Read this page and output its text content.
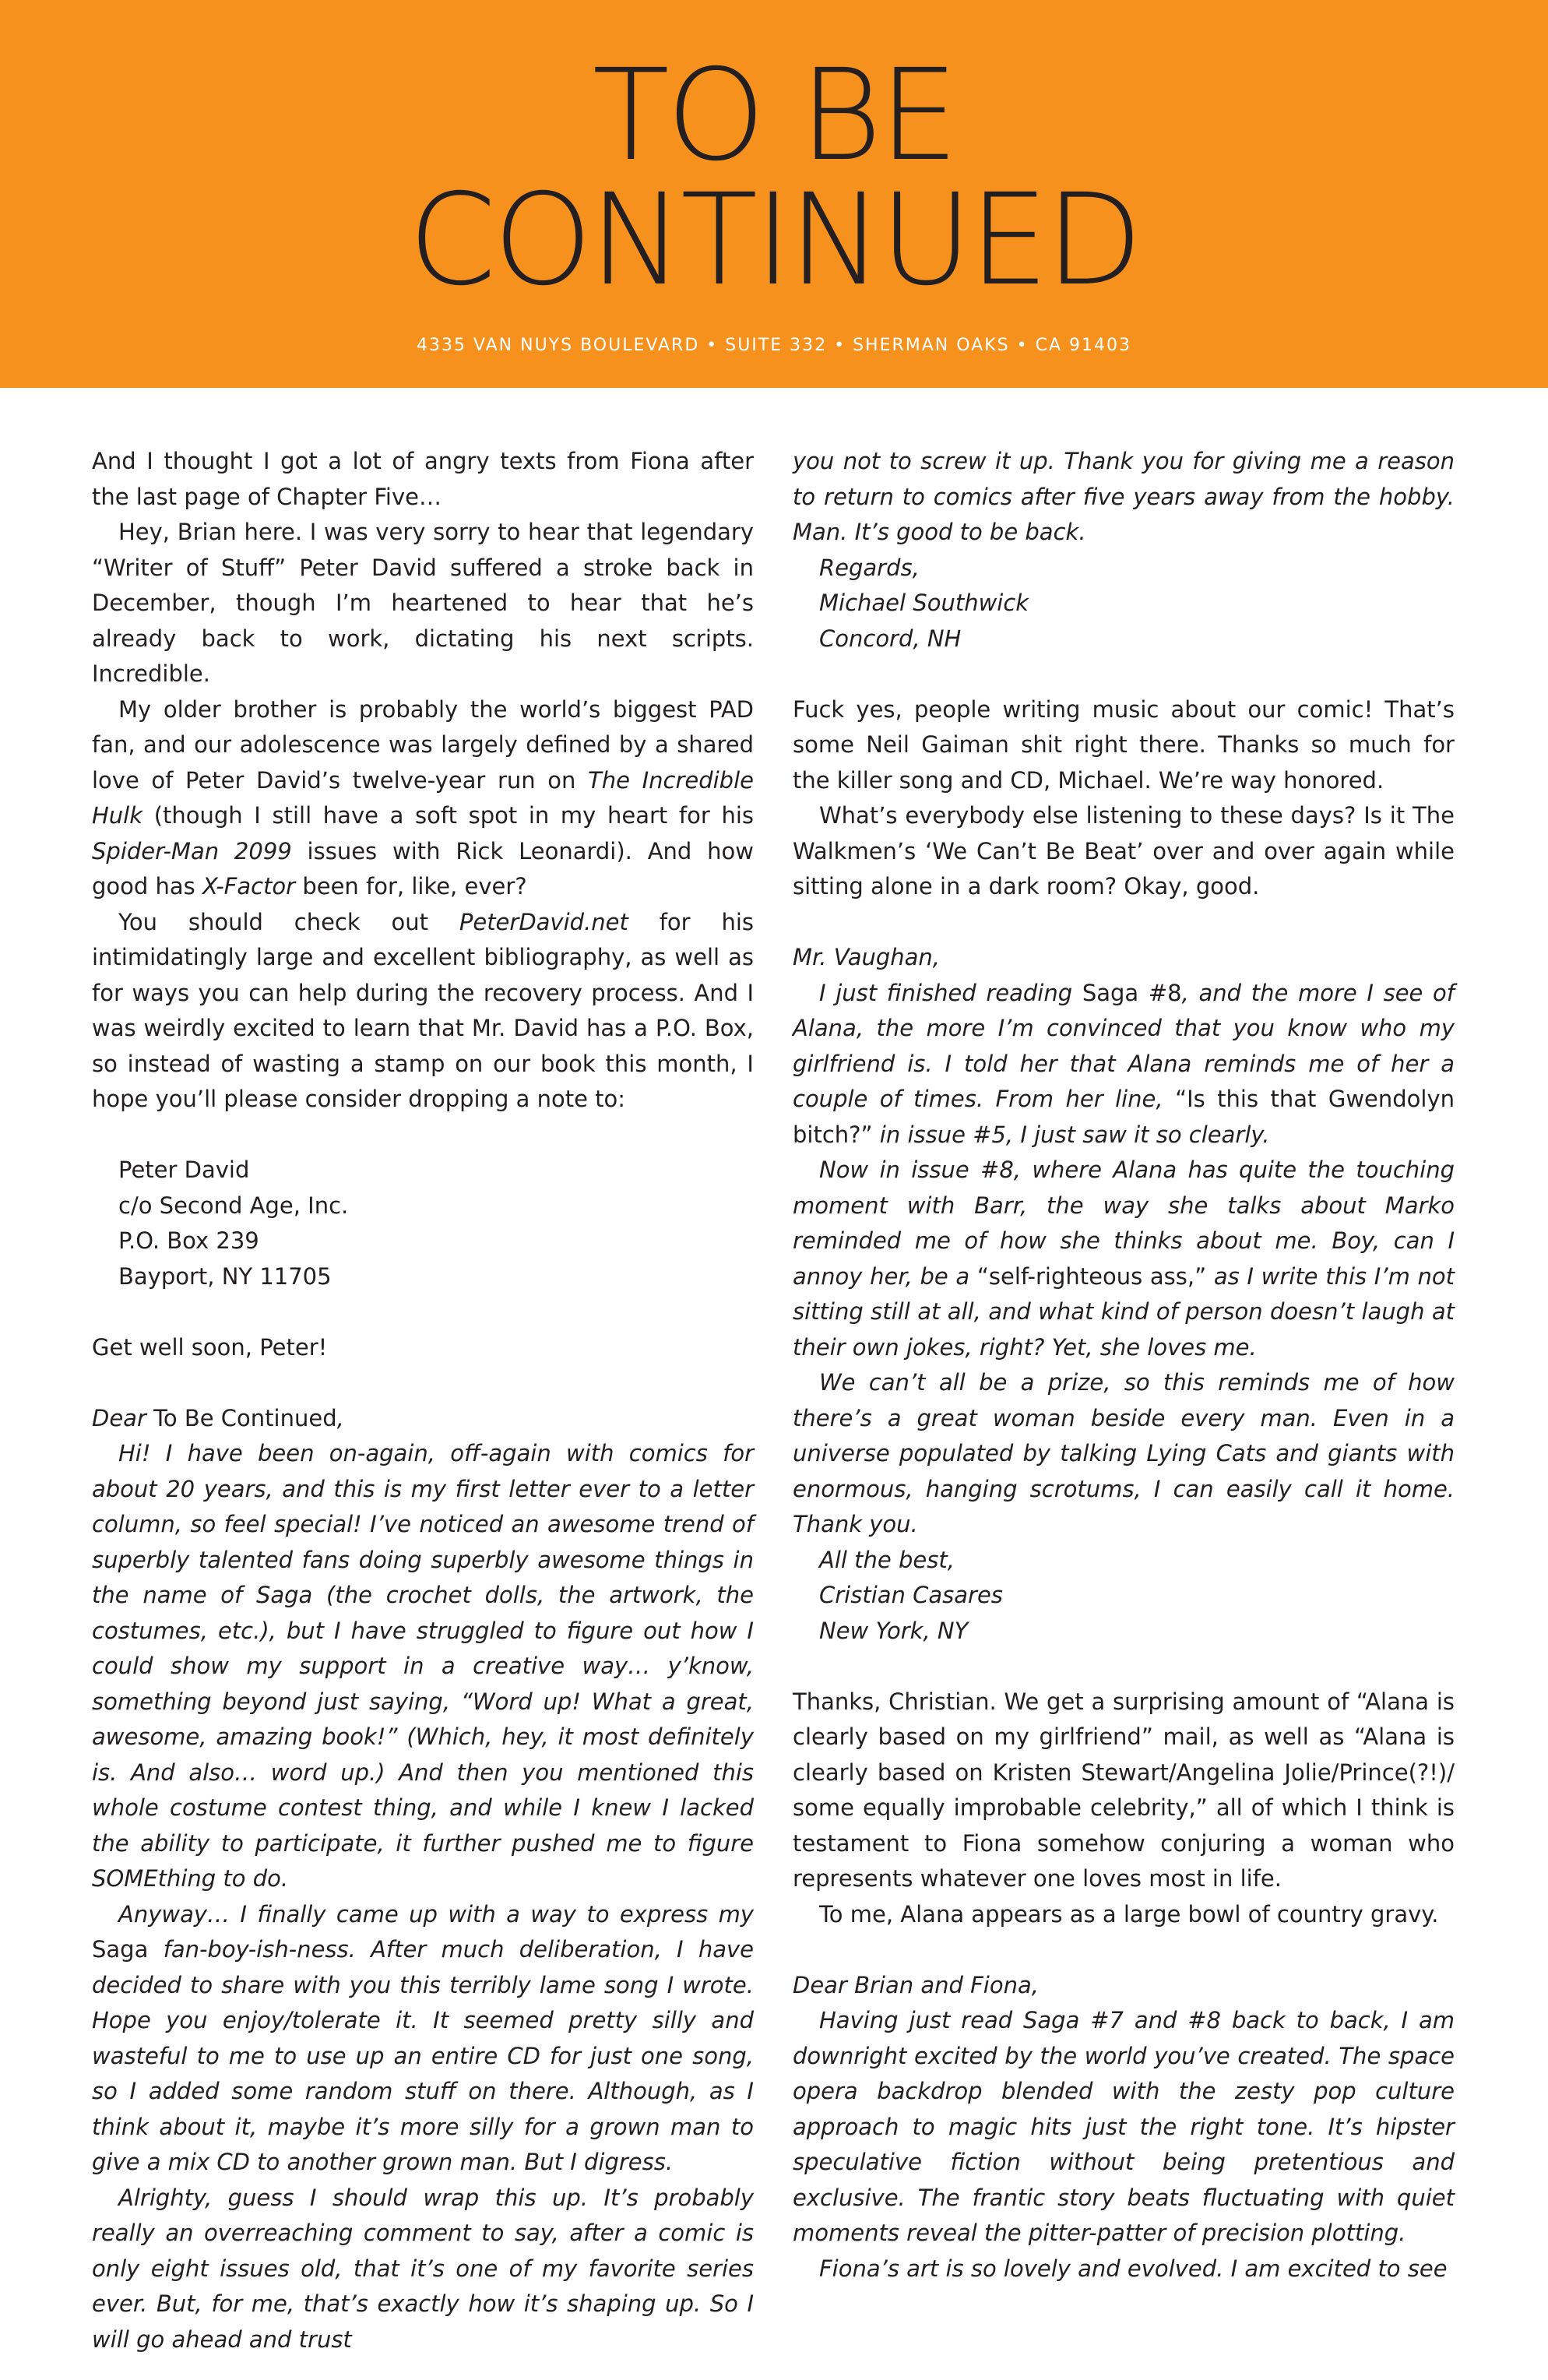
TO BE
CONTINUED
4335 VAN NUYS BOULEVARD • SUITE 332 • SHERMAN OAKS • CA 91403

And I thought I got a lot of angry texts from Fiona after the last page of Chapter Five…

Hey, Brian here. I was very sorry to hear that legendary “Writer of Stuff” Peter David suffered a stroke back in December, though I’m heartened to hear that he’s already back to work, dictating his next scripts. Incredible.

My older brother is probably the world’s biggest PAD fan, and our adolescence was largely defined by a shared love of Peter David’s twelve-year run on The Incredible Hulk (though I still have a soft spot in my heart for his Spider-Man 2099 issues with Rick Leonardi). And how good has X-Factor been for, like, ever?

You should check out PeterDavid.net for his intimidatingly large and excellent bibliography, as well as for ways you can help during the recovery process. And I was weirdly excited to learn that Mr. David has a P.O. Box, so instead of wasting a stamp on our book this month, I hope you’ll please consider dropping a note to:

Peter David

c/o Second Age, Inc.

P.O. Box 239

Bayport, NY 11705

Get well soon, Peter!

Dear To Be Continued,

Hi! I have been on-again, off-again with comics for about 20 years, and this is my first letter ever to a letter column, so feel special! I’ve noticed an awesome trend of superbly talented fans doing superbly awesome things in the name of Saga (the crochet dolls, the artwork, the costumes, etc.), but I have struggled to figure out how I could show my support in a creative way… y’know, something beyond just saying, “Word up! What a great, awesome, amazing book!” (Which, hey, it most definitely is. And also… word up.) And then you mentioned this whole costume contest thing, and while I knew I lacked the ability to participate, it further pushed me to figure SOMEthing to do.

Anyway… I finally came up with a way to express my Saga fan-boy-ish-ness. After much deliberation, I have decided to share with you this terribly lame song I wrote. Hope you enjoy/tolerate it. It seemed pretty silly and wasteful to me to use up an entire CD for just one song, so I added some random stuff on there. Although, as I think about it, maybe it’s more silly for a grown man to give a mix CD to another grown man. But I digress.

Alrighty, guess I should wrap this up. It’s probably really an overreaching comment to say, after a comic is only eight issues old, that it’s one of my favorite series ever. But, for me, that’s exactly how it’s shaping up. So I will go ahead and trust

you not to screw it up. Thank you for giving me a reason to return to comics after five years away from the hobby. Man. It’s good to be back.

Regards,

Michael Southwick

Concord, NH

Fuck yes, people writing music about our comic! That’s some Neil Gaiman shit right there. Thanks so much for the killer song and CD, Michael. We’re way honored.

What’s everybody else listening to these days? Is it The Walkmen’s ‘We Can’t Be Beat’ over and over again while sitting alone in a dark room? Okay, good.

Mr. Vaughan,

I just finished reading Saga #8, and the more I see of Alana, the more I’m convinced that you know who my girlfriend is. I told her that Alana reminds me of her a couple of times. From her line, “Is this that Gwendolyn bitch?” in issue #5, I just saw it so clearly.

Now in issue #8, where Alana has quite the touching moment with Barr, the way she talks about Marko reminded me of how she thinks about me. Boy, can I annoy her, be a “self-righteous ass,” as I write this I’m not sitting still at all, and what kind of person doesn’t laugh at their own jokes, right? Yet, she loves me.

We can’t all be a prize, so this reminds me of how there’s a great woman beside every man. Even in a universe populated by talking Lying Cats and giants with enormous, hanging scrotums, I can easily call it home. Thank you.

All the best,

Cristian Casares

New York, NY

Thanks, Christian. We get a surprising amount of “Alana is clearly based on my girlfriend” mail, as well as “Alana is clearly based on Kristen Stewart/Angelina Jolie/Prince(?!)/ some equally improbable celebrity,” all of which I think is testament to Fiona somehow conjuring a woman who represents whatever one loves most in life.

To me, Alana appears as a large bowl of country gravy.

Dear Brian and Fiona,

Having just read Saga #7 and #8 back to back, I am downright excited by the world you’ve created. The space opera backdrop blended with the zesty pop culture approach to magic hits just the right tone. It’s hipster speculative fiction without being pretentious and exclusive. The frantic story beats fluctuating with quiet moments reveal the pitter-patter of precision plotting.

Fiona’s art is so lovely and evolved. I am excited to see
